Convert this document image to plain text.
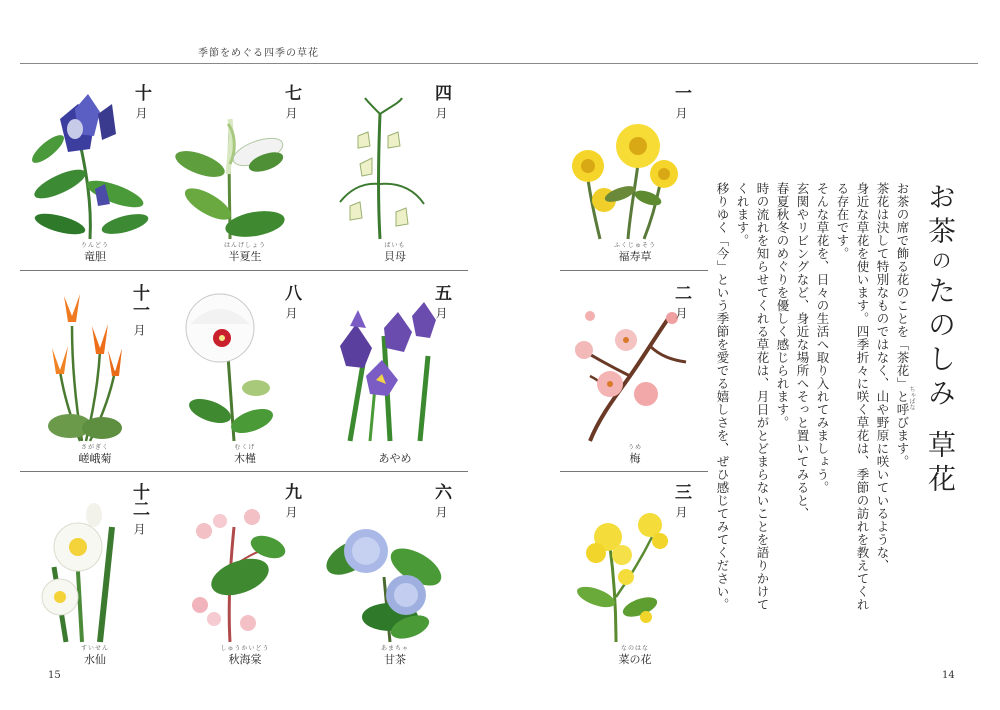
季節をめぐる四季の草花
十月
りんどう
竜胆
七月
はんげしょう
半夏生
四月
ばいも
貝母
一月
ふくじゅそう
福寿草
十一月
さがぎく
嵯峨菊
八月
むくげ
木槿
五月
あやめ
二月
うめ
梅
十二月
すいせん
水仙
九月
しゅうかいどう
秋海棠
六月
あまちゃ
甘茶
三月
なのはな
菜の花
お茶のたのしみ草花

お茶の席で飾る花のことを「茶花」と呼びます。

茶花は決して特別なものではなく、山や野原に咲いているような、

身近な草花を使います。四季折々に咲く草花は、季節の訪れを教えてくれる存在です。

そんな草花を、日々の生活へ取り入れてみましょう。

玄関やリビングなど、身近な場所へそっと置いてみると、

春夏秋冬のめぐりを優しく感じられます。

時の流れを知らせてくれる草花は、月日がとどまらないことを語りかけてくれます。

移りゆく「今」という季節を愛でる嬉しさを、ぜひ感じてみてください。	ちゃばな
15	14
